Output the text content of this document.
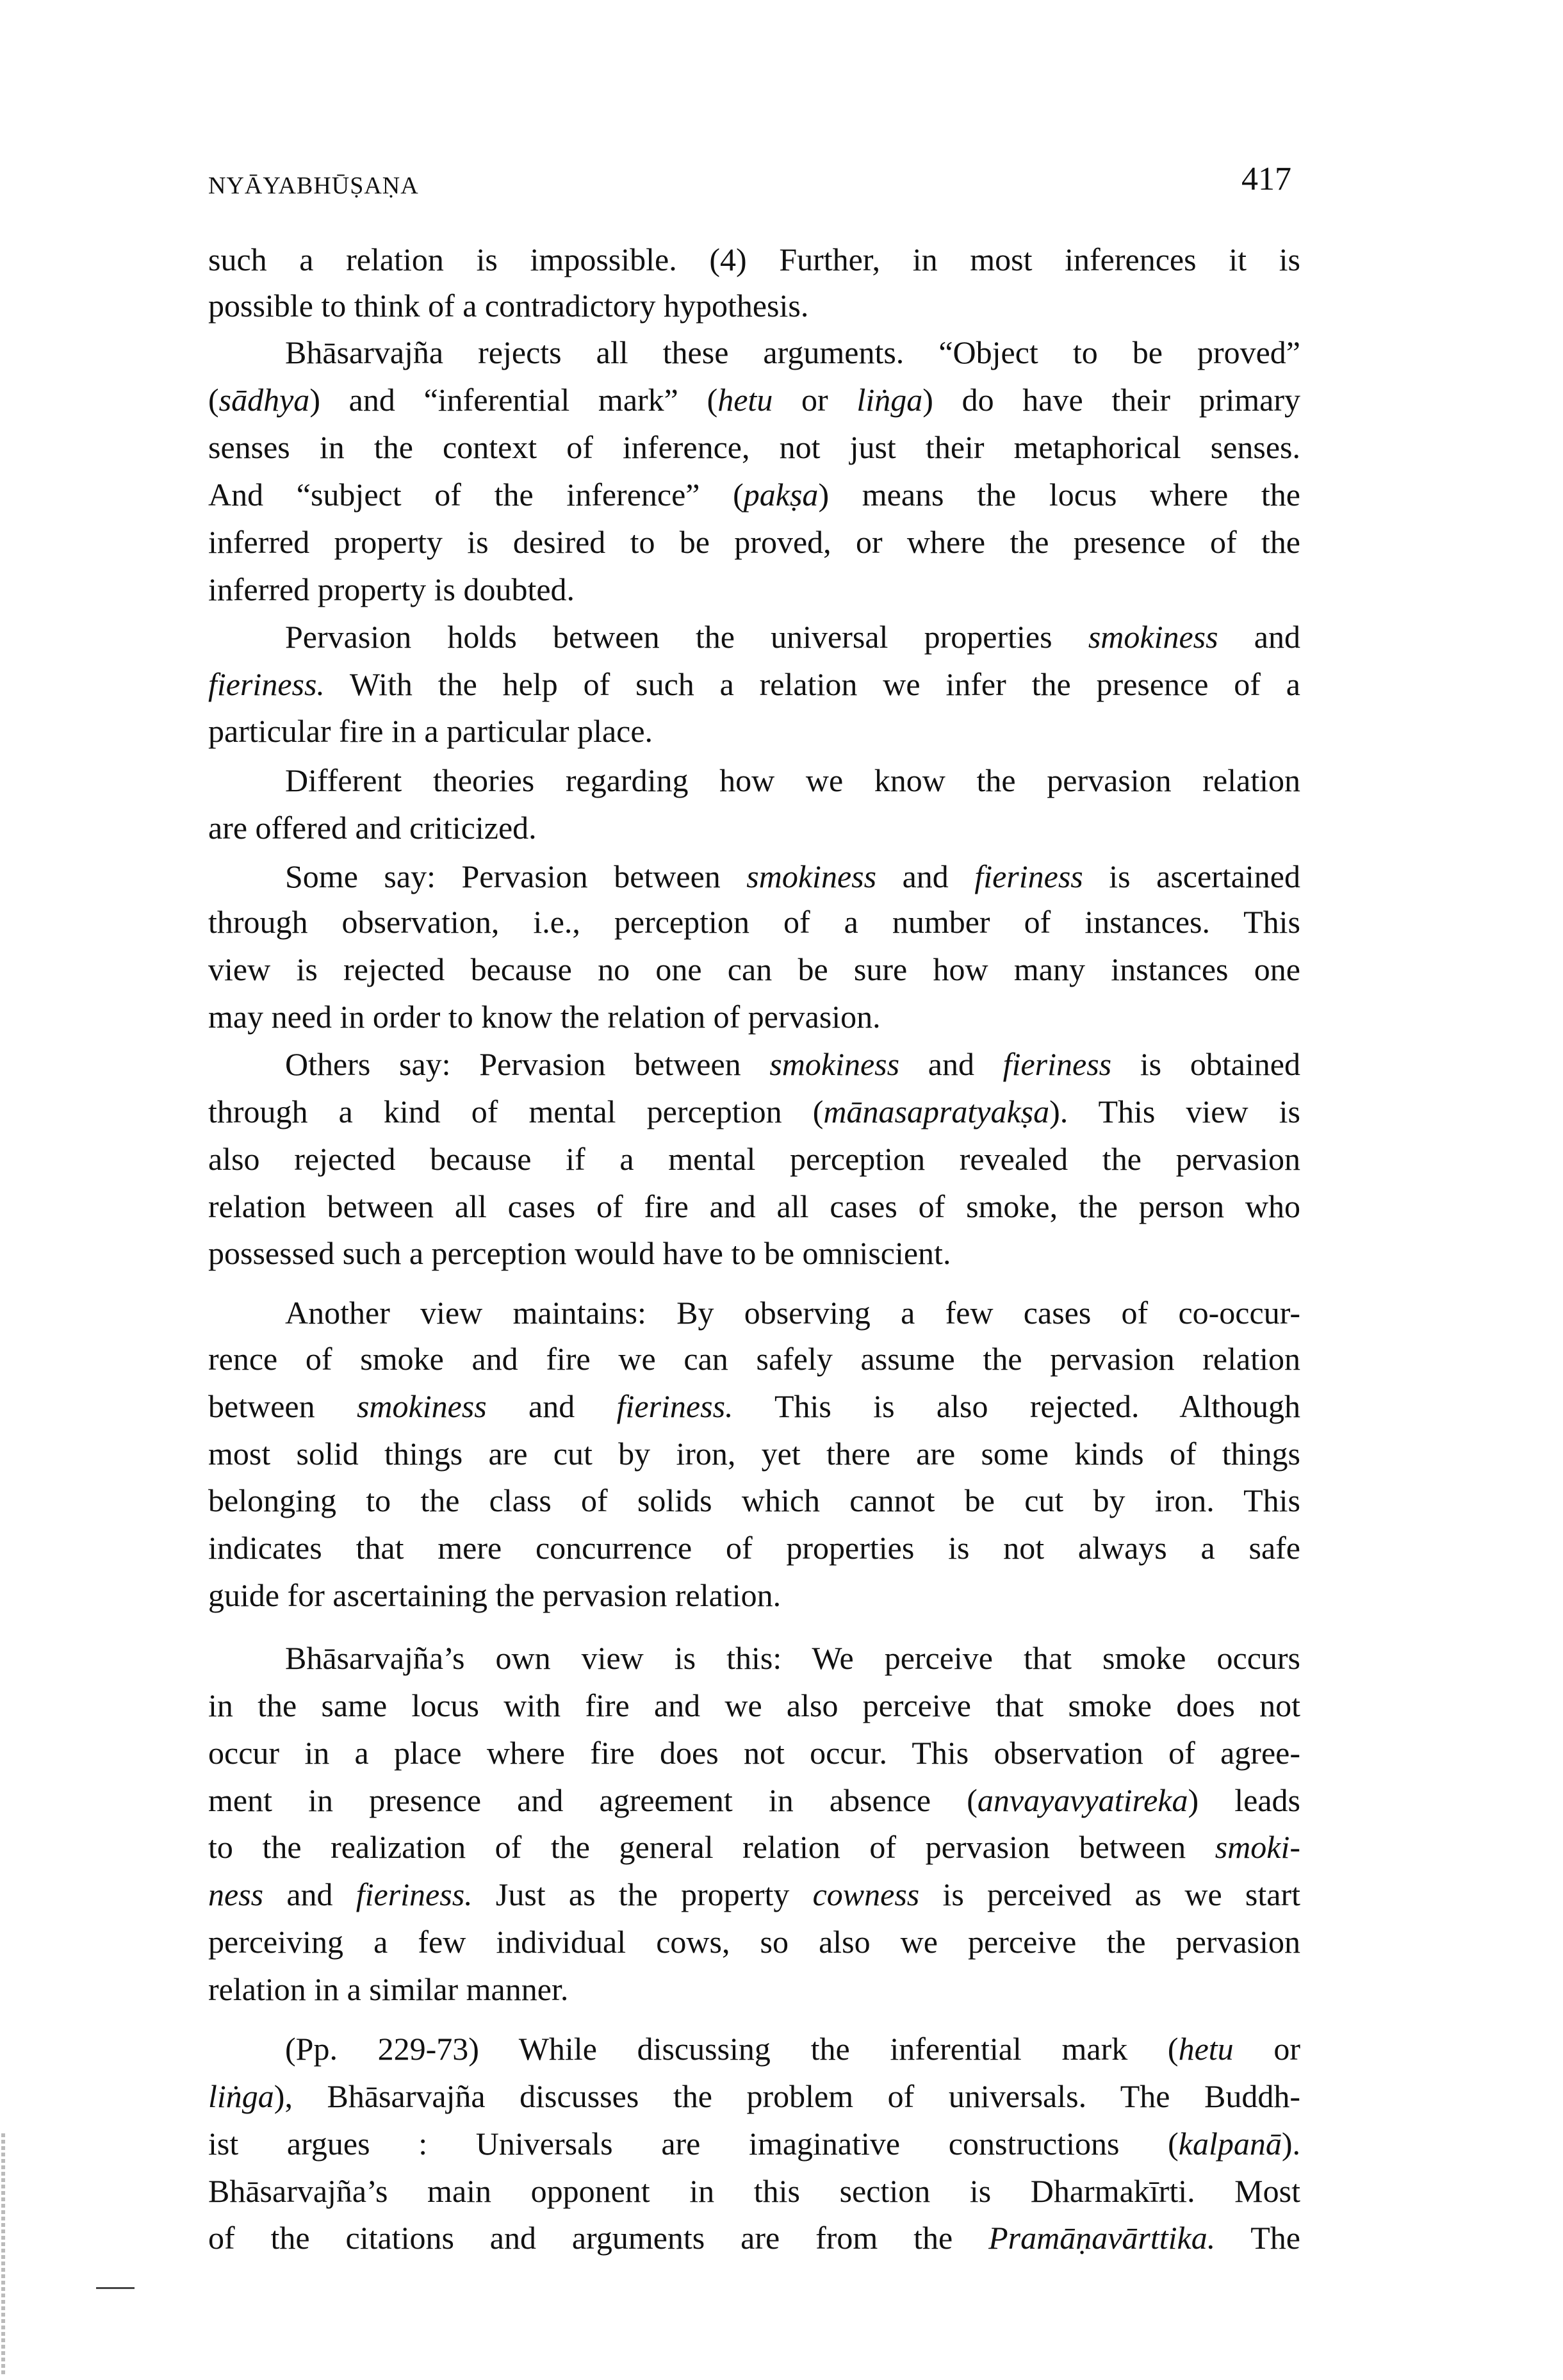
NYĀYABHŪṢAṆA	417
such a relation is impossible. (4) Further, in most inferences it is
possible to think of a contradictory hypothesis.
Bhāsarvajña rejects all these arguments. “Object to be proved”
(sādhya) and “inferential mark” (hetu or liṅga) do have their primary
senses in the context of inference, not just their metaphorical senses.
And “subject of the inference” (pakṣa) means the locus where the
inferred property is desired to be proved, or where the presence of the
inferred property is doubted.
Pervasion holds between the universal properties smokiness and
fieriness. With the help of such a relation we infer the presence of a
particular fire in a particular place.
Different theories regarding how we know the pervasion relation
are offered and criticized.
Some say: Pervasion between smokiness and fieriness is ascertained
through observation, i.e., perception of a number of instances. This
view is rejected because no one can be sure how many instances one
may need in order to know the relation of pervasion.
Others say: Pervasion between smokiness and fieriness is obtained
through a kind of mental perception (mānasapratyakṣa). This view is
also rejected because if a mental perception revealed the pervasion
relation between all cases of fire and all cases of smoke, the person who
possessed such a perception would have to be omniscient.
Another view maintains: By observing a few cases of co-occur-
rence of smoke and fire we can safely assume the pervasion relation
between smokiness and fieriness. This is also rejected. Although
most solid things are cut by iron, yet there are some kinds of things
belonging to the class of solids which cannot be cut by iron. This
indicates that mere concurrence of properties is not always a safe
guide for ascertaining the pervasion relation.
Bhāsarvajña’s own view is this: We perceive that smoke occurs
in the same locus with fire and we also perceive that smoke does not
occur in a place where fire does not occur. This observation of agree-
ment in presence and agreement in absence (anvayavyatireka) leads
to the realization of the general relation of pervasion between smoki-
ness and fieriness. Just as the property cowness is perceived as we start
perceiving a few individual cows, so also we perceive the pervasion
relation in a similar manner.
(Pp. 229-73) While discussing the inferential mark (hetu or
liṅga), Bhāsarvajña discusses the problem of universals. The Buddh-
ist argues : Universals are imaginative constructions (kalpanā).
Bhāsarvajña’s main opponent in this section is Dharmakīrti. Most
of the citations and arguments are from the Pramāṇavārttika. The
